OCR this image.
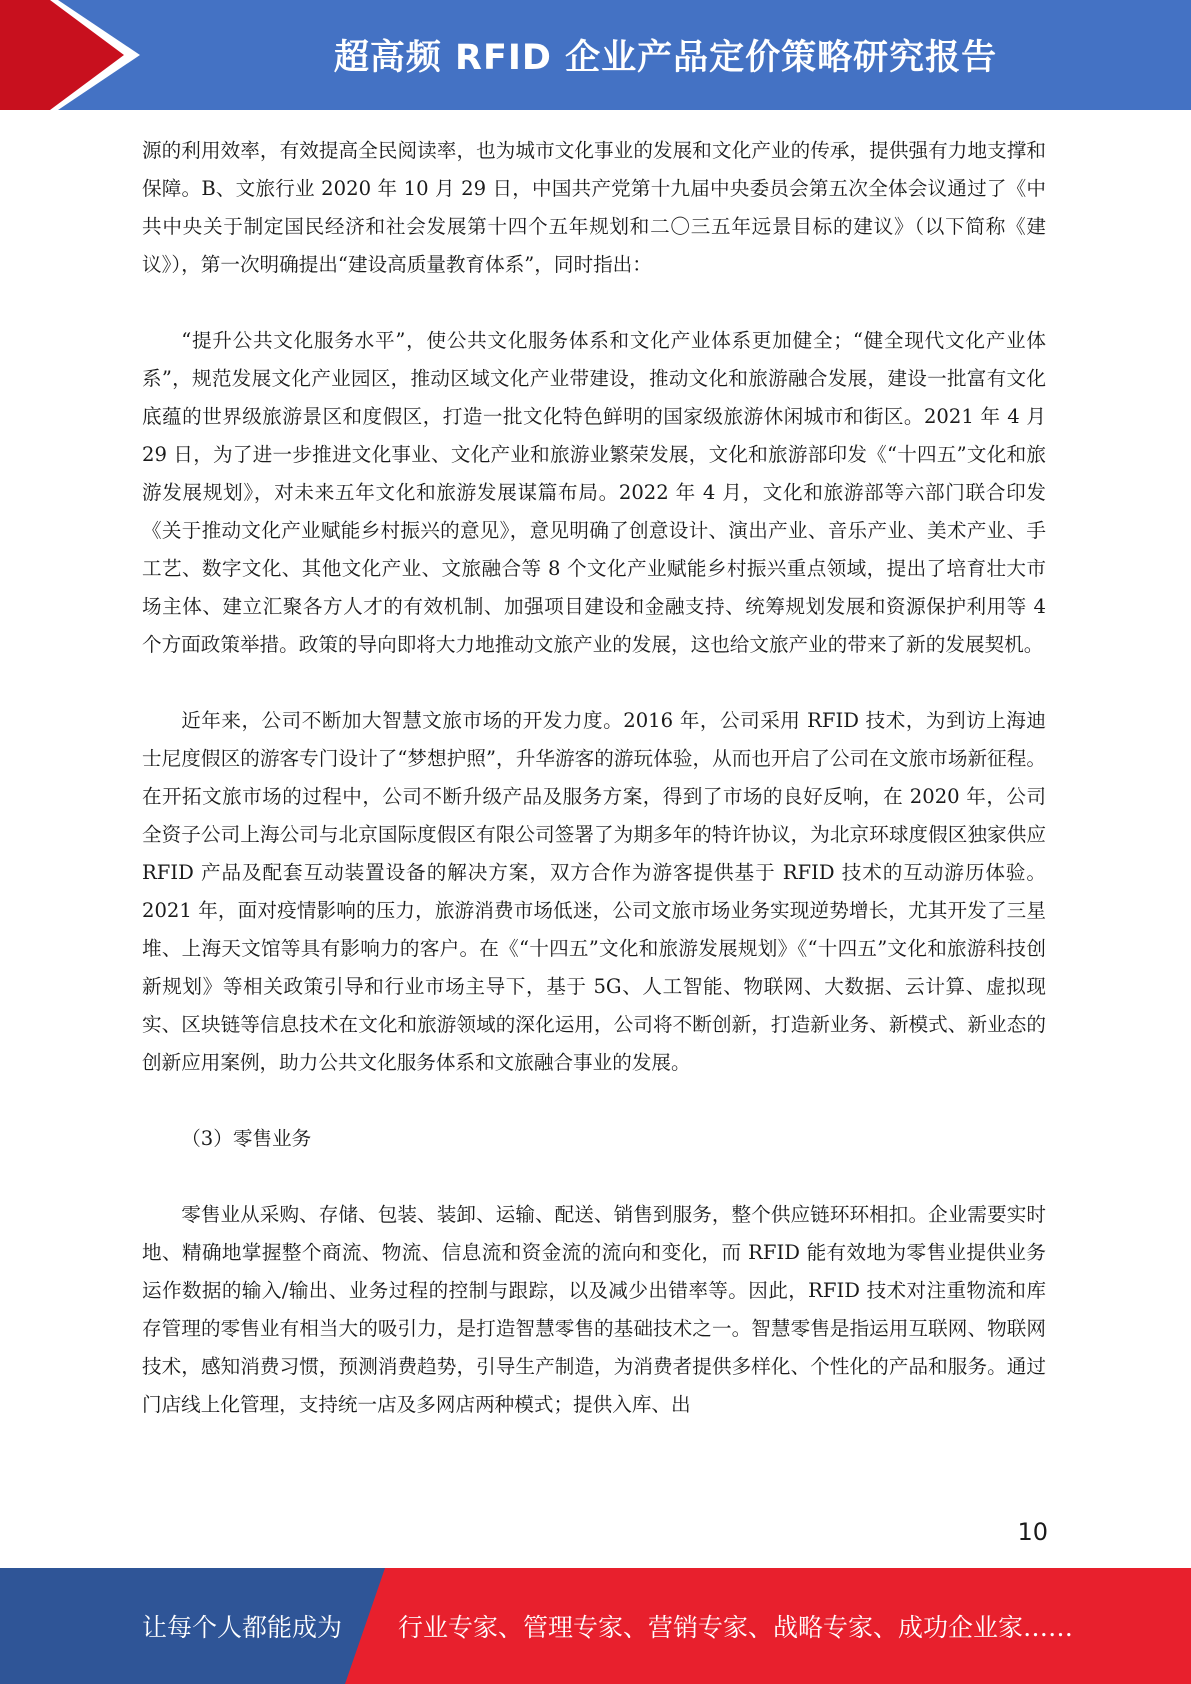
超高频 RFID 企业产品定价策略研究报告

源的利用效率，有效提高全民阅读率，也为城市文化事业的发展和文化产业的传承，提供强有力地支撑和保障。B、文旅行业 2020 年 10 月 29 日，中国共产党第十九届中央委员会第五次全体会议通过了《中共中央关于制定国民经济和社会发展第十四个五年规划和二〇三五年远景目标的建议》（以下简称《建议》），第一次明确提出“建设高质量教育体系”，同时指出：

“提升公共文化服务水平”，使公共文化服务体系和文化产业体系更加健全；“健全现代文化产业体系”，规范发展文化产业园区，推动区域文化产业带建设，推动文化和旅游融合发展，建设一批富有文化底蕴的世界级旅游景区和度假区，打造一批文化特色鲜明的国家级旅游休闲城市和街区。2021 年 4 月 29 日，为了进一步推进文化事业、文化产业和旅游业繁荣发展，文化和旅游部印发《“十四五”文化和旅游发展规划》，对未来五年文化和旅游发展谋篇布局。2022 年 4 月，文化和旅游部等六部门联合印发《关于推动文化产业赋能乡村振兴的意见》，意见明确了创意设计、演出产业、音乐产业、美术产业、手工艺、数字文化、其他文化产业、文旅融合等 8 个文化产业赋能乡村振兴重点领域，提出了培育壮大市场主体、建立汇聚各方人才的有效机制、加强项目建设和金融支持、统筹规划发展和资源保护利用等 4 个方面政策举措。政策的导向即将大力地推动文旅产业的发展，这也给文旅产业的带来了新的发展契机。

近年来，公司不断加大智慧文旅市场的开发力度。2016 年，公司采用 RFID 技术，为到访上海迪士尼度假区的游客专门设计了“梦想护照”，升华游客的游玩体验，从而也开启了公司在文旅市场新征程。在开拓文旅市场的过程中，公司不断升级产品及服务方案，得到了市场的良好反响，在 2020 年，公司全资子公司上海公司与北京国际度假区有限公司签署了为期多年的特许协议，为北京环球度假区独家供应 RFID 产品及配套互动装置设备的解决方案，双方合作为游客提供基于 RFID 技术的互动游历体验。2021 年，面对疫情影响的压力，旅游消费市场低迷，公司文旅市场业务实现逆势增长，尤其开发了三星堆、上海天文馆等具有影响力的客户。在《“十四五”文化和旅游发展规划》《“十四五”文化和旅游科技创新规划》等相关政策引导和行业市场主导下，基于 5G、人工智能、物联网、大数据、云计算、虚拟现实、区块链等信息技术在文化和旅游领域的深化运用，公司将不断创新，打造新业务、新模式、新业态的创新应用案例，助力公共文化服务体系和文旅融合事业的发展。

（3）零售业务

零售业从采购、存储、包装、装卸、运输、配送、销售到服务，整个供应链环环相扣。企业需要实时地、精确地掌握整个商流、物流、信息流和资金流的流向和变化，而 RFID 能有效地为零售业提供业务运作数据的输入/输出、业务过程的控制与跟踪，以及减少出错率等。因此，RFID 技术对注重物流和库存管理的零售业有相当大的吸引力，是打造智慧零售的基础技术之一。智慧零售是指运用互联网、物联网技术，感知消费习惯，预测消费趋势，引导生产制造，为消费者提供多样化、个性化的产品和服务。通过门店线上化管理，支持统一店及多网店两种模式；提供入库、出

10
让每个人都能成为 行业专家、管理专家、营销专家、战略专家、成功企业家……
